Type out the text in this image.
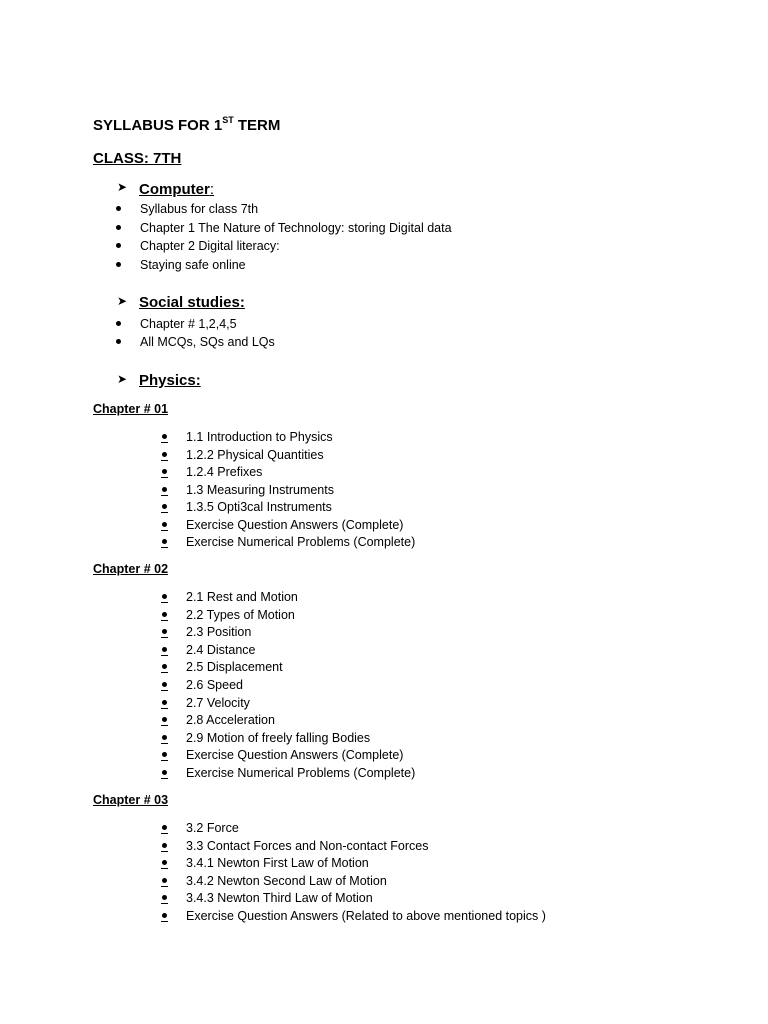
SYLLABUS FOR 1ST TERM
CLASS: 7TH
➤ Computer:
Syllabus for class 7th
Chapter 1 The Nature of Technology: storing Digital data
Chapter 2 Digital literacy:
Staying safe online
➤ Social studies:
Chapter # 1,2,4,5
All MCQs, SQs and LQs
➤ Physics:
Chapter # 01
1.1 Introduction to Physics
1.2.2 Physical Quantities
1.2.4 Prefixes
1.3 Measuring Instruments
1.3.5 Opti3cal Instruments
Exercise Question Answers (Complete)
Exercise Numerical Problems (Complete)
Chapter # 02
2.1 Rest and Motion
2.2 Types of Motion
2.3 Position
2.4 Distance
2.5 Displacement
2.6 Speed
2.7 Velocity
2.8 Acceleration
2.9 Motion of freely falling Bodies
Exercise Question Answers (Complete)
Exercise Numerical Problems (Complete)
Chapter # 03
3.2 Force
3.3 Contact Forces and Non-contact Forces
3.4.1 Newton First Law of Motion
3.4.2 Newton Second Law of Motion
3.4.3 Newton Third Law of Motion
Exercise Question Answers (Related to above mentioned topics )
